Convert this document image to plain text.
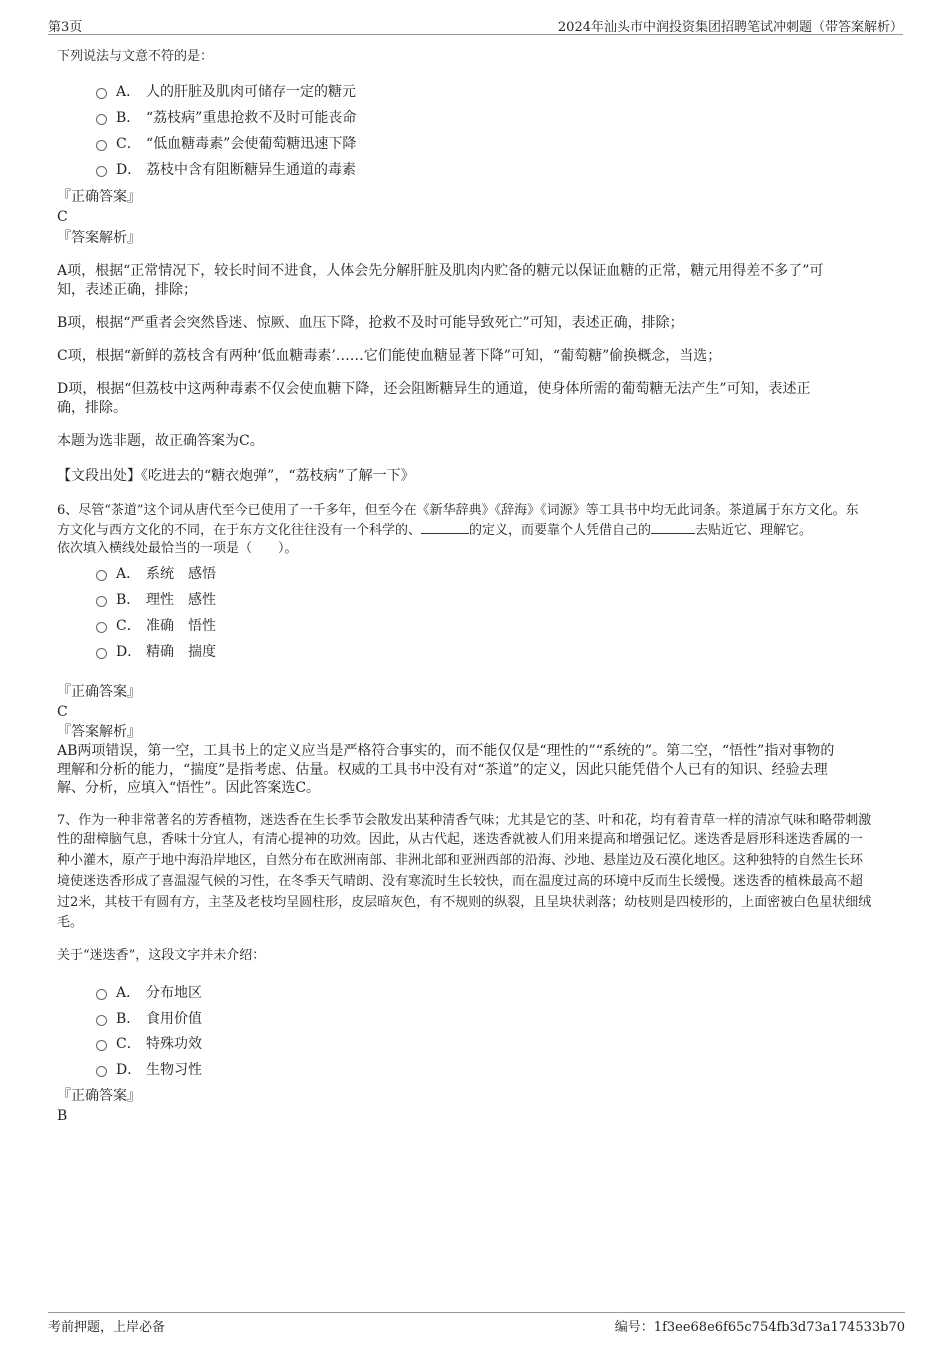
第3页	2024年汕头市中润投资集团招聘笔试冲刺题（带答案解析）
下列说法与文意不符的是：
A． 人的肝脏及肌肉可储存一定的糖元
B． “荔枝病”重患抢救不及时可能丧命
C． “低血糖毒素”会使葡萄糖迅速下降
D． 荔枝中含有阻断糖异生通道的毒素
『正确答案』
C
『答案解析』
A项，根据“正常情况下，较长时间不进食，人体会先分解肝脏及肌肉内贮备的糖元以保证血糖的正常，糖元用得差不多了”可
知，表述正确，排除；
B项，根据“严重者会突然昏迷、惊厥、血压下降，抢救不及时可能导致死亡”可知，表述正确，排除；
C项，根据“新鲜的荔枝含有两种‘低血糖毒素’……它们能使血糖显著下降”可知，“葡萄糖”偷换概念，当选；
D项，根据“但荔枝中这两种毒素不仅会使血糖下降，还会阻断糖异生的通道，使身体所需的葡萄糖无法产生”可知，表述正
确，排除。
本题为选非题，故正确答案为C。
【文段出处】《吃进去的“糖衣炮弹”，“荔枝病”了解一下》
6、尽管“茶道”这个词从唐代至今已使用了一千多年，但至今在《新华辞典》《辞海》《词源》等工具书中均无此词条。茶道属于东方文化。东
方文化与西方文化的不同，在于东方文化往往没有一个科学的、	的定义，而要靠个人凭借自己的	去贴近它、理解它。
依次填入横线处最恰当的一项是（　　）。
A． 系统　感悟
B． 理性　感性
C． 准确　悟性
D． 精确　揣度
『正确答案』
C
『答案解析』
AB两项错误，第一空，工具书上的定义应当是严格符合事实的，而不能仅仅是“理性的”“系统的”。第二空，“悟性”指对事物的
理解和分析的能力，“揣度”是指考虑、估量。权威的工具书中没有对“茶道”的定义，因此只能凭借个人已有的知识、经验去理
解、分析，应填入“悟性”。因此答案选C。
7、作为一种非常著名的芳香植物，迷迭香在生长季节会散发出某种清香气味；尤其是它的茎、叶和花，均有着青草一样的清凉气味和略带刺激
性的甜樟脑气息，香味十分宜人，有清心提神的功效。因此，从古代起，迷迭香就被人们用来提高和增强记忆。迷迭香是唇形科迷迭香属的一
种小灌木，原产于地中海沿岸地区，自然分布在欧洲南部、非洲北部和亚洲西部的沿海、沙地、悬崖边及石漠化地区。这种独特的自然生长环
境使迷迭香形成了喜温湿气候的习性，在冬季天气晴朗、没有寒流时生长较快，而在温度过高的环境中反而生长缓慢。迷迭香的植株最高不超
过2米，其枝干有圆有方，主茎及老枝均呈圆柱形，皮层暗灰色，有不规则的纵裂，且呈块状剥落；幼枝则是四棱形的，上面密被白色星状细绒
毛。
关于“迷迭香”，这段文字并未介绍：
A． 分布地区
B． 食用价值
C． 特殊功效
D． 生物习性
『正确答案』
B
考前押题，上岸必备	编号：1f3ee68e6f65c754fb3d73a174533b70
